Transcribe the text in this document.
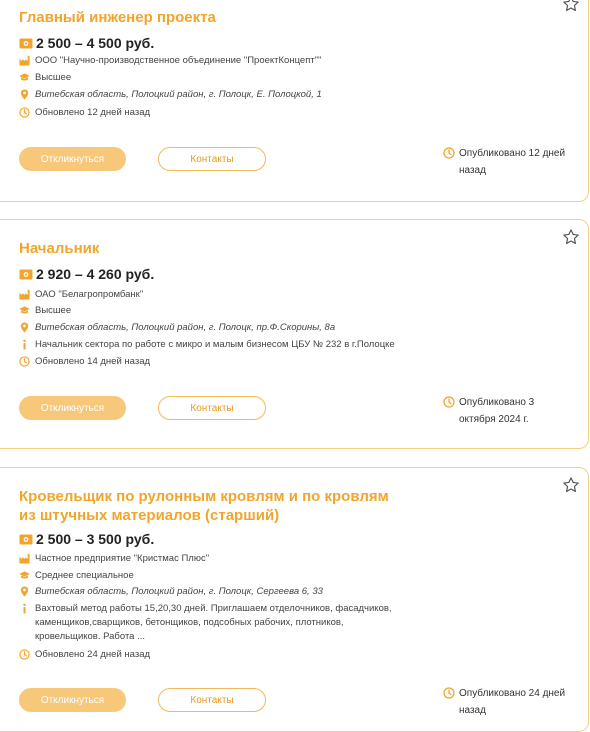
Главный инженер проекта
2 500 – 4 500 руб.
ООО "Научно-производственное объединение "ПроектКонцепт""
Высшее
Витебская область, Полоцкий район, г. Полоцк, Е. Полоцкой, 1
Обновлено 12 дней назад
Откликнуться	Контакты	Опубликовано 12 дней назад
Начальник
2 920 – 4 260 руб.
ОАО "Белагропромбанк"
Высшее
Витебская область, Полоцкий район, г. Полоцк, пр.Ф.Скорины, 8а
Начальник сектора по работе с микро и малым бизнесом ЦБУ № 232 в г.Полоцке
Обновлено 14 дней назад
Откликнуться	Контакты	Опубликовано 3 октября 2024 г.
Кровельщик по рулонным кровлям и по кровлям из штучных материалов (старший)
2 500 – 3 500 руб.
Частное предприятие "Кристмас Плюс"
Среднее специальное
Витебская область, Полоцкий район, г. Полоцк, Сергеева 6, 33
Вахтовый метод работы 15,20,30 дней. Приглашаем отделочников, фасадчиков, каменщиков,сварщиков, бетонщиков, подсобных рабочих, плотников, кровельщиков. Работа ...
Обновлено 24 дней назад
Откликнуться	Контакты
Опубликовано 24 дней назад
